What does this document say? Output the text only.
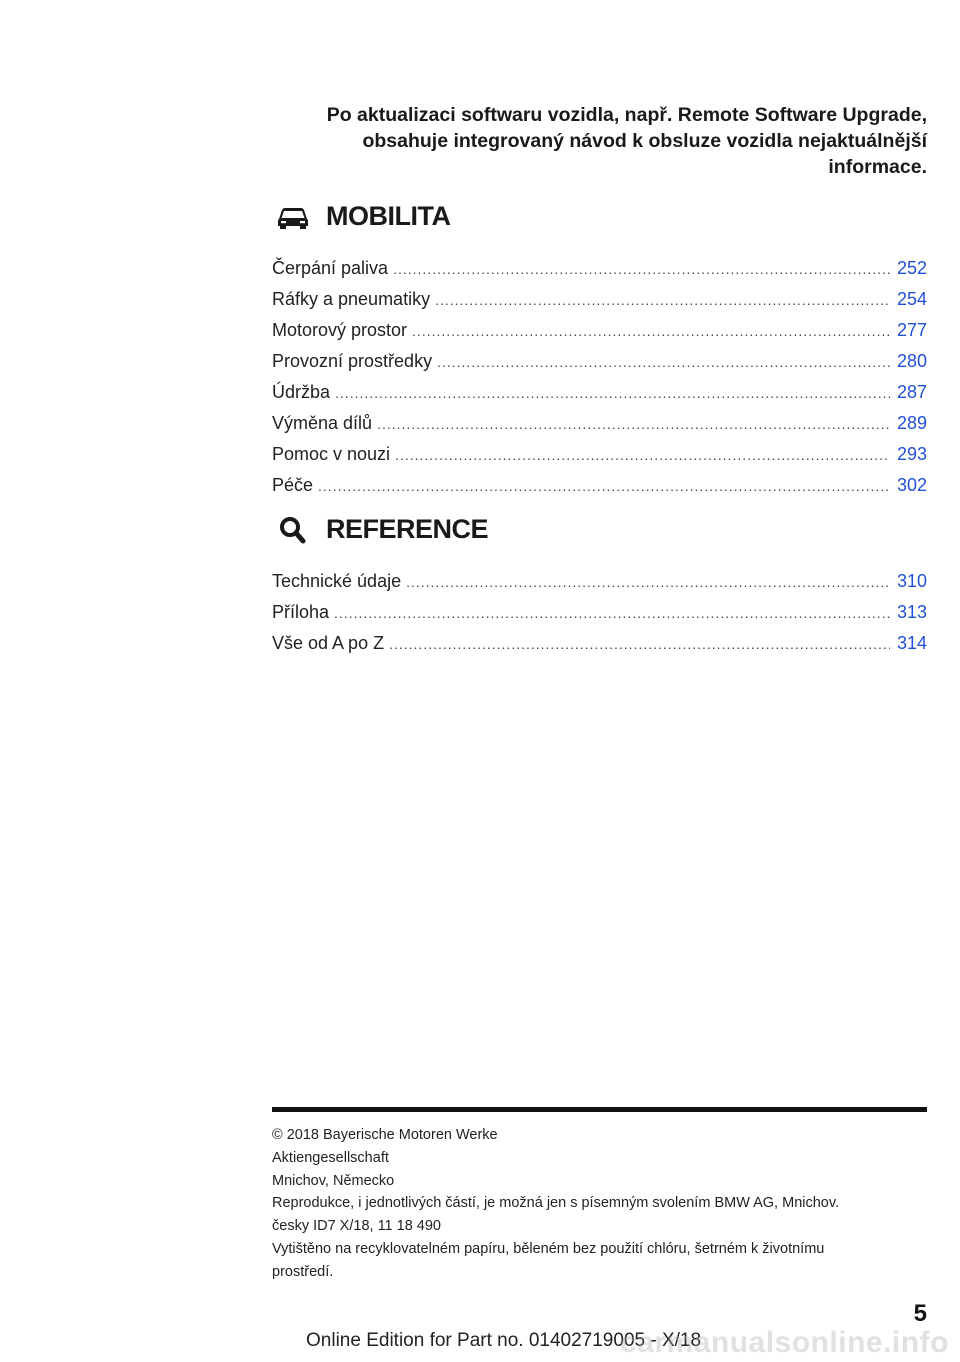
Po aktualizaci softwaru vozidla, např. Remote Software Upgrade,
obsahuje integrovaný návod k obsluze vozidla nejaktuálnější
informace.
MOBILITA
Čerpání paliva .....	252
Ráfky a pneumatiky .....	254
Motorový prostor .....	277
Provozní prostředky .....	280
Údržba .....	287
Výměna dílů .....	289
Pomoc v nouzi .....	293
Péče .....	302
REFERENCE
Technické údaje .....	310
Příloha .....	313
Vše od A po Z .....	314
© 2018 Bayerische Motoren Werke
Aktiengesellschaft
Mnichov, Německo
Reprodukce, i jednotlivých částí, je možná jen s písemným svolením BMW AG, Mnichov.
česky ID7 X/18, 11 18 490
Vytištěno na recyklovatelném papíru, běleném bez použití chlóru, šetrném k životnímu
prostředí.
5
Online Edition for Part no. 01402719005 - X/18
carmanualsonline.info
